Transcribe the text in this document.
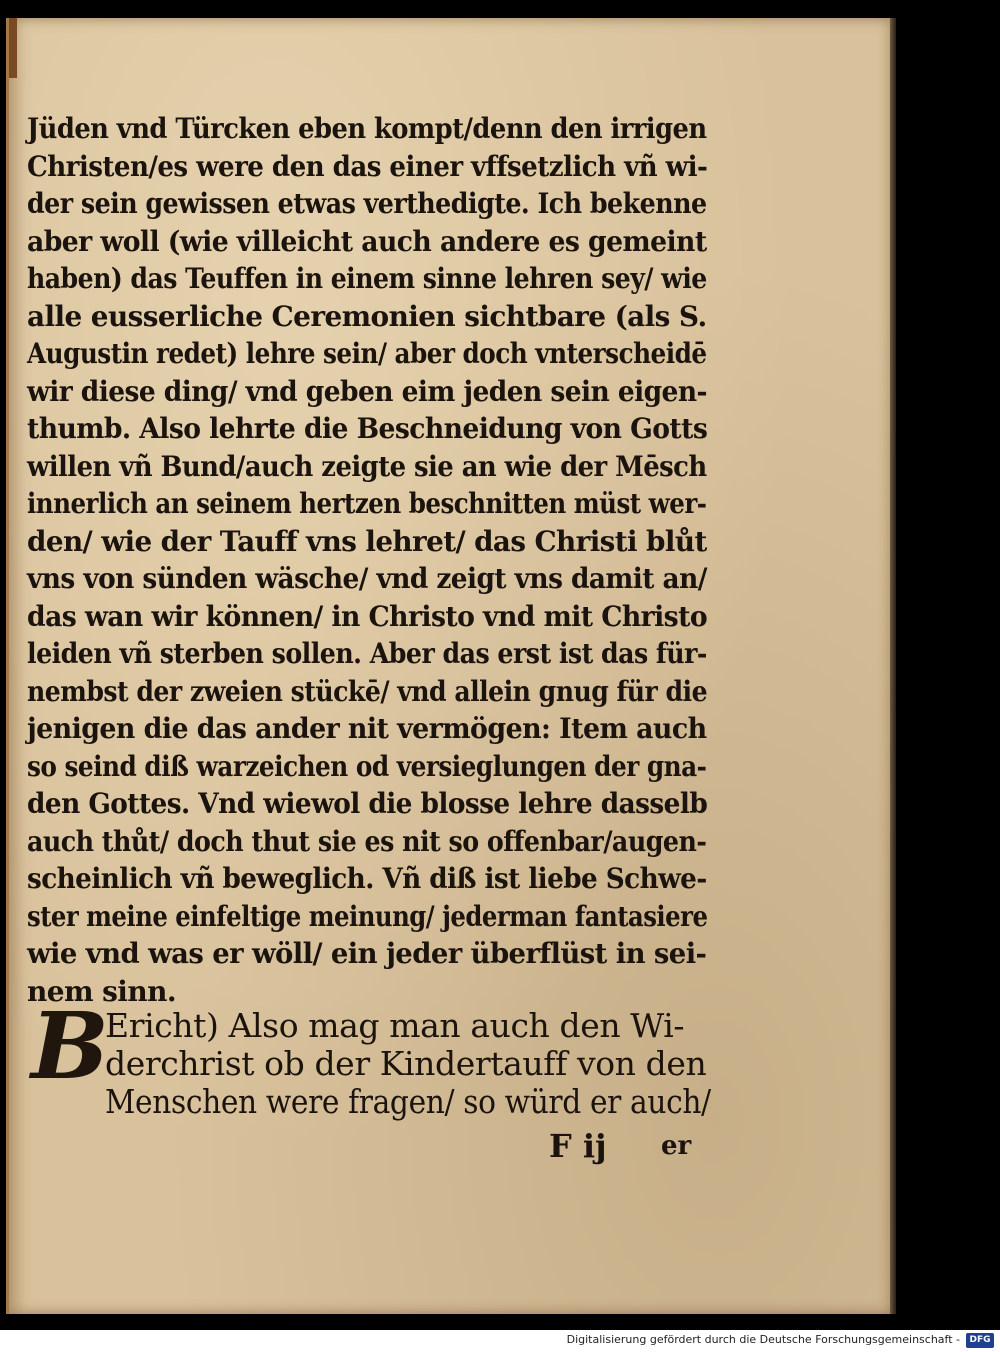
Jüden vnd Türcken eben kompt/denn den irrigen
Christen/es were den das einer vffsetzlich vñ wi-
der sein gewissen etwas verthedigte. Ich bekenne
aber woll (wie villeicht auch andere es gemeint
haben) das Teuffen in einem sinne lehren sey/ wie
alle eusserliche Ceremonien sichtbare (als S.
Augustin redet) lehre sein/ aber doch vnterscheidē
wir diese ding/ vnd geben eim jeden sein eigen-
thumb. Also lehrte die Beschneidung von Gotts
willen vñ Bund/auch zeigte sie an wie der Mēsch
innerlich an seinem hertzen beschnitten müst wer-
den/ wie der Tauff vns lehret/ das Christi blůt
vns von sünden wäsche/ vnd zeigt vns damit an/
das wan wir können/ in Christo vnd mit Christo
leiden vñ sterben sollen. Aber das erst ist das für-
nembst der zweien stückē/ vnd allein gnug für die
jenigen die das ander nit vermögen: Item auch
so seind diß warzeichen od versieglungen der gna-
den Gottes. Vnd wiewol die blosse lehre dasselb
auch thůt/ doch thut sie es nit so offenbar/augen-
scheinlich vñ beweglich. Vñ diß ist liebe Schwe-
ster meine einfeltige meinung/ jederman fantasiere
wie vnd was er wöll/ ein jeder überflüst in sei-
nem sinn.
B
Ericht) Also mag man auch den Wi-
derchrist ob der Kindertauff von den
Menschen were fragen/ so würd er auch/
F ij er
Digitalisierung gefördert durch die Deutsche Forschungsgemeinschaft -	DFG
